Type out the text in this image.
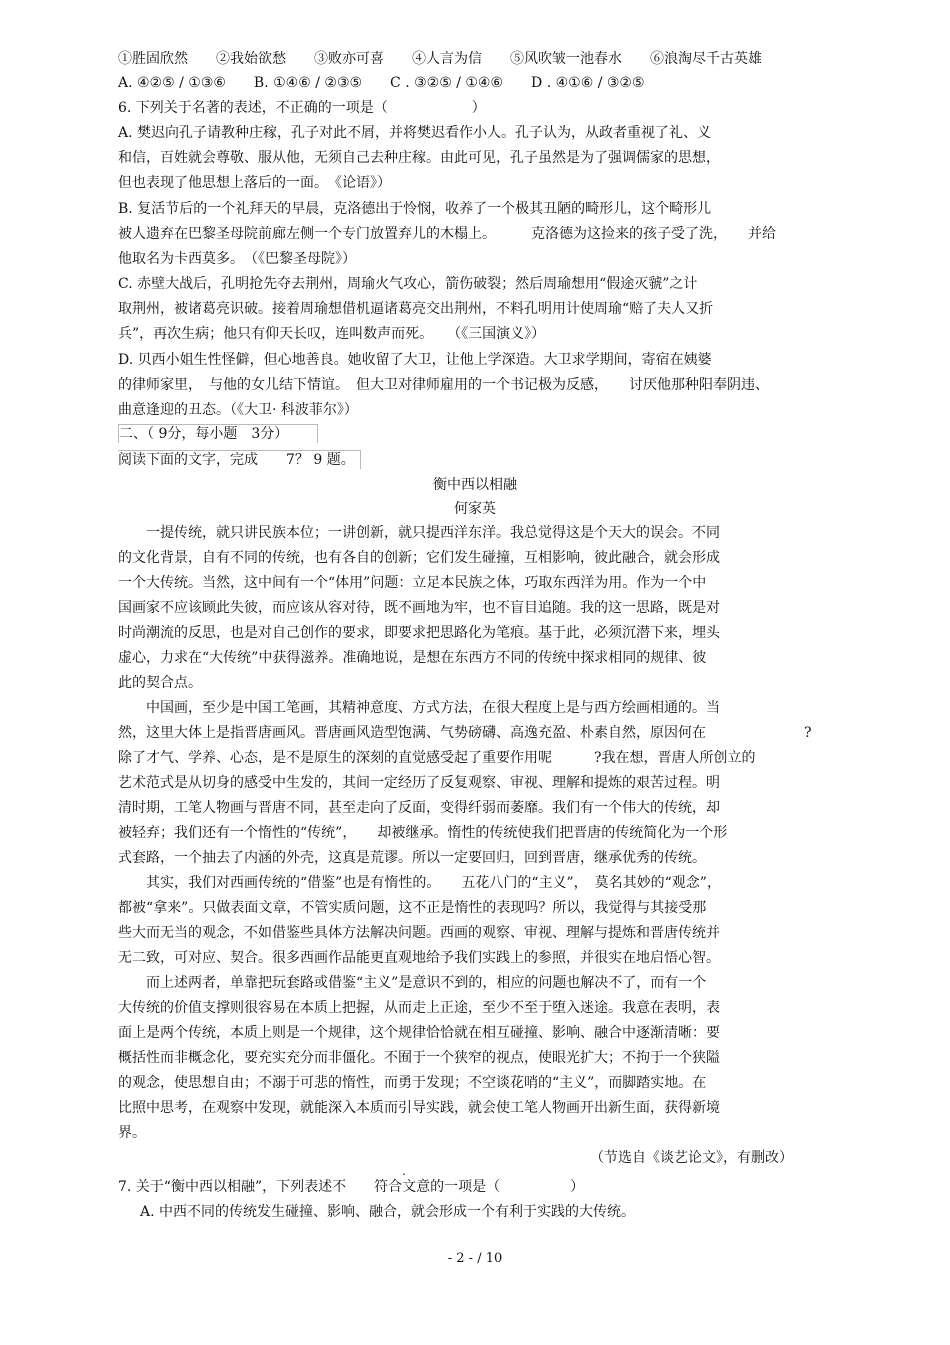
①胜固欣然　　②我始欲愁　　③败亦可喜　　④人言为信　　⑤风吹皱一池春水　　⑥浪淘尽千古英雄
A. ④②⑤ / ①③⑥　　B. ①④⑥ / ②③⑤　　C . ③②⑤ / ①④⑥　　D . ④①⑥ / ③②⑤
6. 下列关于名著的表述，不正确的一项是（　　　　　　）
A. 樊迟向孔子请教种庄稼，孔子对此不屑，并将樊迟看作小人。孔子认为，从政者重视了礼、义
和信，百姓就会尊敬、服从他，无须自己去种庄稼。由此可见，孔子虽然是为了强调儒家的思想，
但也表现了他思想上落后的一面。　《论语》）
B. 复活节后的一个礼拜天的早晨，克洛德出于怜悯，收养了一个极其丑陋的畸形儿，这个畸形儿
被人遗弃在巴黎圣母院前廊左侧一个专门放置弃儿的木榻上。　　　克洛德为这捡来的孩子受了洗，　　并给
他取名为卡西莫多。　（《巴黎圣母院》）
C. 赤壁大战后，孔明抢先夺去荆州，周瑜火气攻心，箭伤破裂；然后周瑜想用“假途灭虢”之计
取荆州，被诸葛亮识破。接着周瑜想借机逼诸葛亮交出荆州，不料孔明用计使周瑜“赔了夫人又折
兵”，再次生病；他只有仰天长叹，连叫数声而死。　　（《三国演义》）
D. 贝西小姐生性怪僻，但心地善良。她收留了大卫，让他上学深造。大卫求学期间，寄宿在姨婆
的律师家里，　与他的女儿结下情谊。　但大卫对律师雇用的一个书记极为反感，　　讨厌他那种阳奉阴违、
曲意逢迎的丑态。（《大卫· 科波菲尔》）
二、（ 9分，每小题　3分）
阅读下面的文字，完成　　7？ 9 题。
衡中西以相融
何家英
　　一提传统，就只讲民族本位；一讲创新，就只提西洋东洋。我总觉得这是个天大的误会。不同
的文化背景，自有不同的传统，也有各自的创新；它们发生碰撞，互相影响，彼此融合，就会形成
一个大传统。当然，这中间有一个“体用”问题：立足本民族之体，巧取东西洋为用。作为一个中
国画家不应该顾此失彼，而应该从容对待，既不画地为牢，也不盲目追随。我的这一思路，既是对
时尚潮流的反思，也是对自己创作的要求，即要求把思路化为笔痕。基于此，必须沉潜下来，埋头
虚心，力求在“大传统”中获得滋养。准确地说，是想在东西方不同的传统中探求相同的规律、彼
此的契合点。
　　中国画，至少是中国工笔画，其精神意度、方式方法，在很大程度上是与西方绘画相通的。当
然，这里大体上是指晋唐画风。晋唐画风造型饱满、气势磅礴、高逸充盈、朴素自然，原因何在　　　　　　　?
除了才气、学养、心态，是不是原生的深刻的直觉感受起了重要作用呢　　　?我在想，晋唐人所创立的
艺术范式是从切身的感受中生发的，其间一定经历了反复观察、审视、理解和提炼的艰苦过程。明
清时期，工笔人物画与晋唐不同，甚至走向了反面，变得纤弱而萎靡。我们有一个伟大的传统，却
被轻弃；我们还有一个惰性的“传统”，　　却被继承。惰性的传统使我们把晋唐的传统简化为一个形
式套路，一个抽去了内涵的外壳，这真是荒谬。所以一定要回归，回到晋唐，继承优秀的传统。
　　其实，我们对西画传统的“借鉴”也是有惰性的。　　五花八门的“主义”，　莫名其妙的“观念”，
都被“拿来”。只做表面文章，不管实质问题，这不正是惰性的表现吗？所以，我觉得与其接受那
些大而无当的观念，不如借鉴些具体方法解决问题。西画的观察、审视、理解与提炼和晋唐传统并
无二致，可对应、契合。很多西画作品能更直观地给予我们实践上的参照，并很实在地启悟心智。
　　而上述两者，单靠把玩套路或借鉴“主义”是意识不到的，相应的问题也解决不了，而有一个
大传统的价值支撑则很容易在本质上把握，从而走上正途，至少不至于堕入迷途。我意在表明，表
面上是两个传统，本质上则是一个规律，这个规律恰恰就在相互碰撞、影响、融合中逐渐清晰：要
概括性而非概念化，要充实充分而非僵化。不囿于一个狭窄的视点，使眼光扩大；不拘于一个狭隘
的观念，使思想自由；不溺于可悲的惰性，而勇于发现；不空谈花哨的“主义”，而脚踏实地。在
比照中思考，在观察中发现，就能深入本质而引导实践，就会使工笔人物画开出新生面，获得新境
界。
（节选自《谈艺论文》，有删改）
.
7. 关于“衡中西以相融”，下列表述不　　符合文意的一项是（　　　　　）
A. 中西不同的传统发生碰撞、影响、融合，就会形成一个有利于实践的大传统。
- 2 - / 10
